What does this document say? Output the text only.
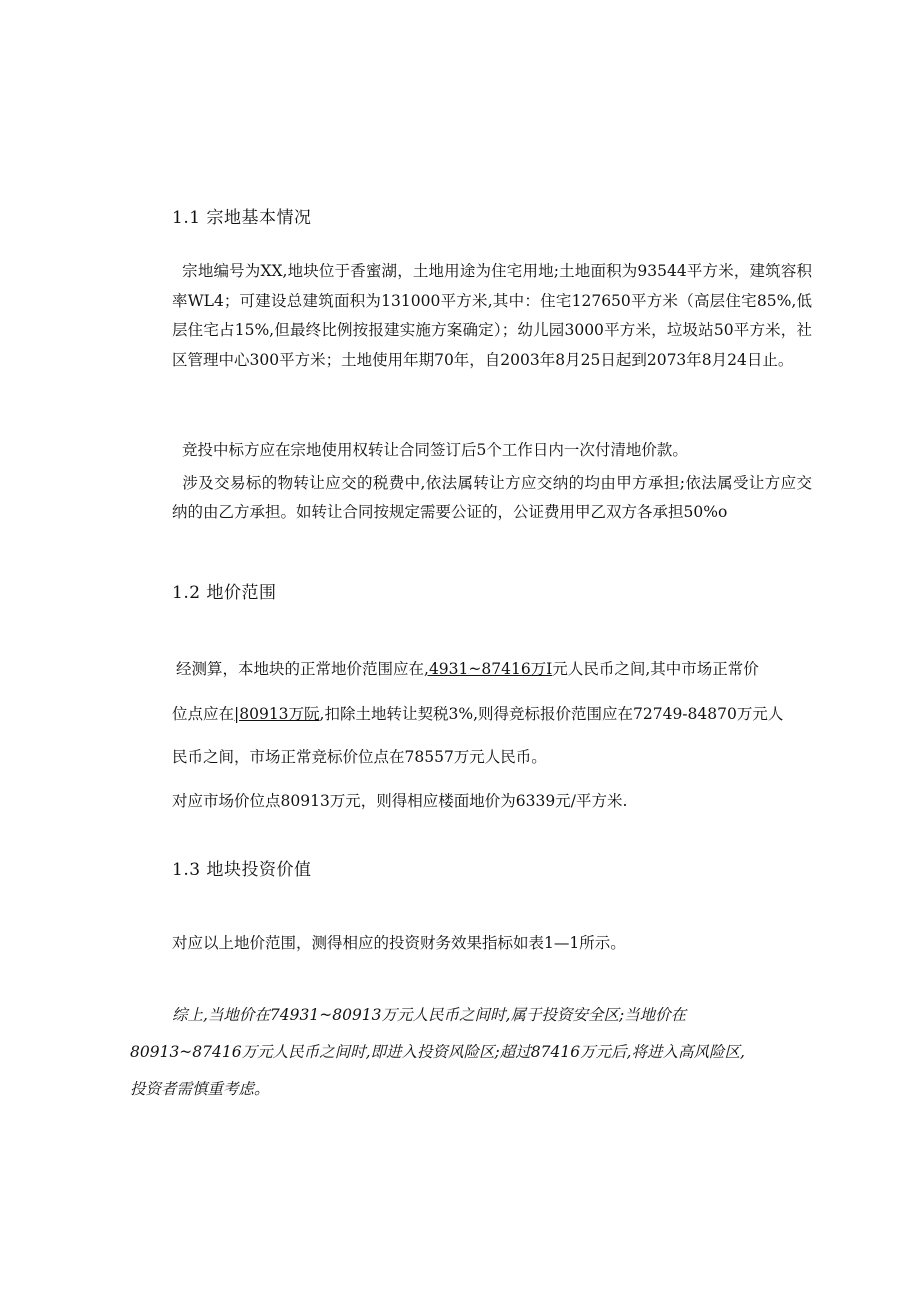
1.1 宗地基本情况
宗地编号为XX,地块位于香蜜湖，土地用途为住宅用地;土地面积为93544平方米，建筑容积率WL4；可建设总建筑面积为131000平方米,其中：住宅127650平方米（高层住宅85%,低层住宅占15%,但最终比例按报建实施方案确定）；幼儿园3000平方米，垃圾站50平方米，社区管理中心300平方米；土地使用年期70年，自2003年8月25日起到2073年8月24日止。
竞投中标方应在宗地使用权转让合同签订后5个工作日内一次付清地价款。
涉及交易标的物转让应交的税费中,依法属转让方应交纳的均由甲方承担;依法属受让方应交纳的由乙方承担。如转让合同按规定需要公证的，公证费用甲乙双方各承担50%o
1.2 地价范围
经测算，本地块的正常地价范围应在,4931~87416万I元人民币之间,其中市场正常价
位点应在|80913万阮,扣除土地转让契税3%,则得竞标报价范围应在72749-84870万元人
民币之间，市场正常竞标价位点在78557万元人民币。
对应市场价位点80913万元，则得相应楼面地价为6339元/平方米.
1.3 地块投资价值
对应以上地价范围，测得相应的投资财务效果指标如表1—1所示。
综上,当地价在74931~80913万元人民币之间时,属于投资安全区;当地价在
80913~87416万元人民币之间时,即进入投资风险区;超过87416万元后,将进入高风险区,
投资者需慎重考虑。
